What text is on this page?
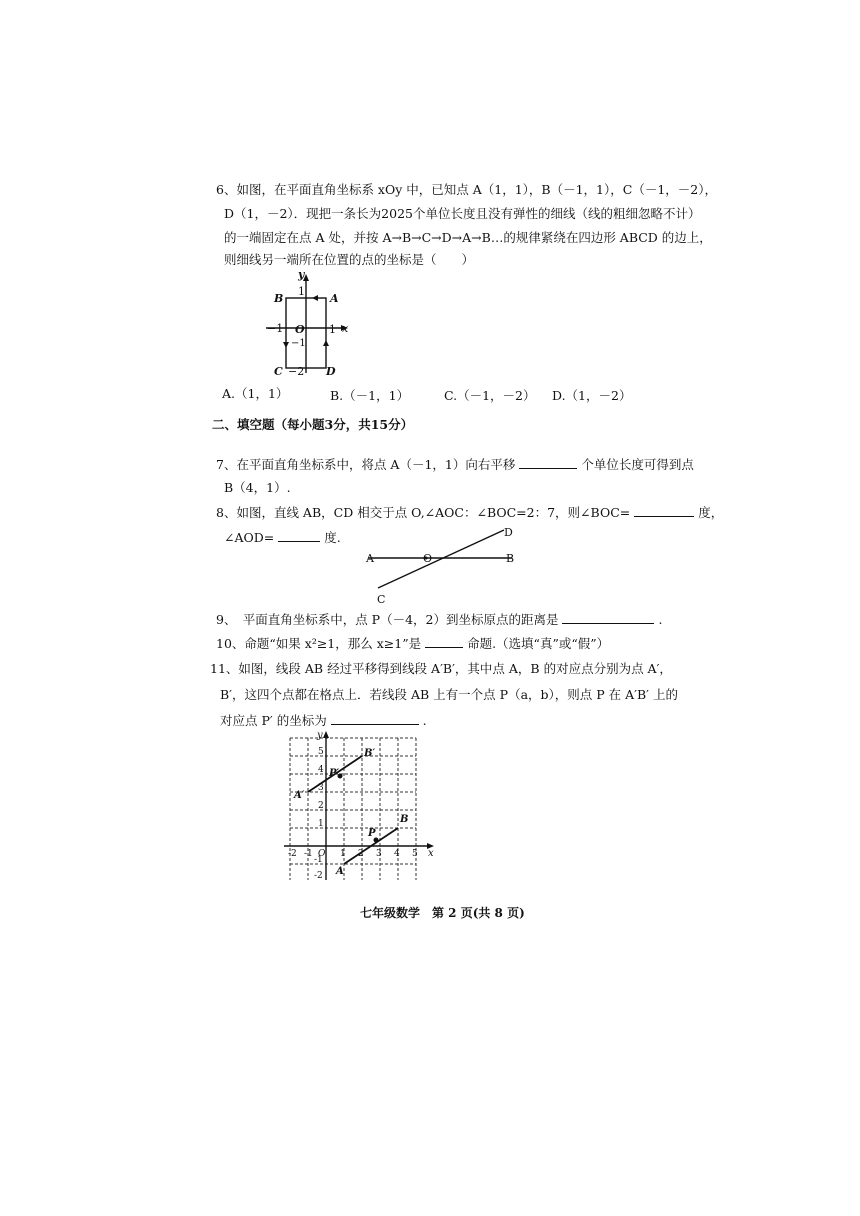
6、如图，在平面直角坐标系 xOy 中，已知点 A（1，1），B（－1，1），C（－1，－2），
D（1，－2）．现把一条长为2025个单位长度且没有弹性的细线（线的粗细忽略不计）
的一端固定在点 A 处，并按 A→B→C→D→A→B…的规律紧绕在四边形 ABCD 的边上，
则细线另一端所在位置的点的坐标是（　　）
y
1
A
B
−1 O 1 x
−1
C −2 D
A.（1，1）	B.（－1，1）	C.（－1，－2） D.（1，－2）
二、填空题（每小题3分，共15分）
7、在平面直角坐标系中，将点 A（－1，1）向右平移	个单位长度可得到点
B（4，1）.
8、如图，直线 AB，CD 相交于点 O,∠AOC：∠BOC=2：7，则∠BOC=	度，
∠AOD=	度.	D
A	O	B
C
9、　平面直角坐标系中，点 P（－4，2）到坐标原点的距离是	.
10、命题“如果 x²≥1，那么 x≥1”是	命题.（选填“真”或“假”）
11、如图，线段 AB 经过平移得到线段 A′B′，其中点 A，B 的对应点分别为点 A′，
B′，这四个点都在格点上．若线段 AB 上有一个点 P（a，b），则点 P 在 A′B′ 上的
对应点 P′ 的坐标为	.
y
x
5
4
3
2
1
-1
-2
-2 -1 O 1 2 3 4 5
B′
P′
A′
B
P
A
七年级数学　第 2 页(共 8 页)
